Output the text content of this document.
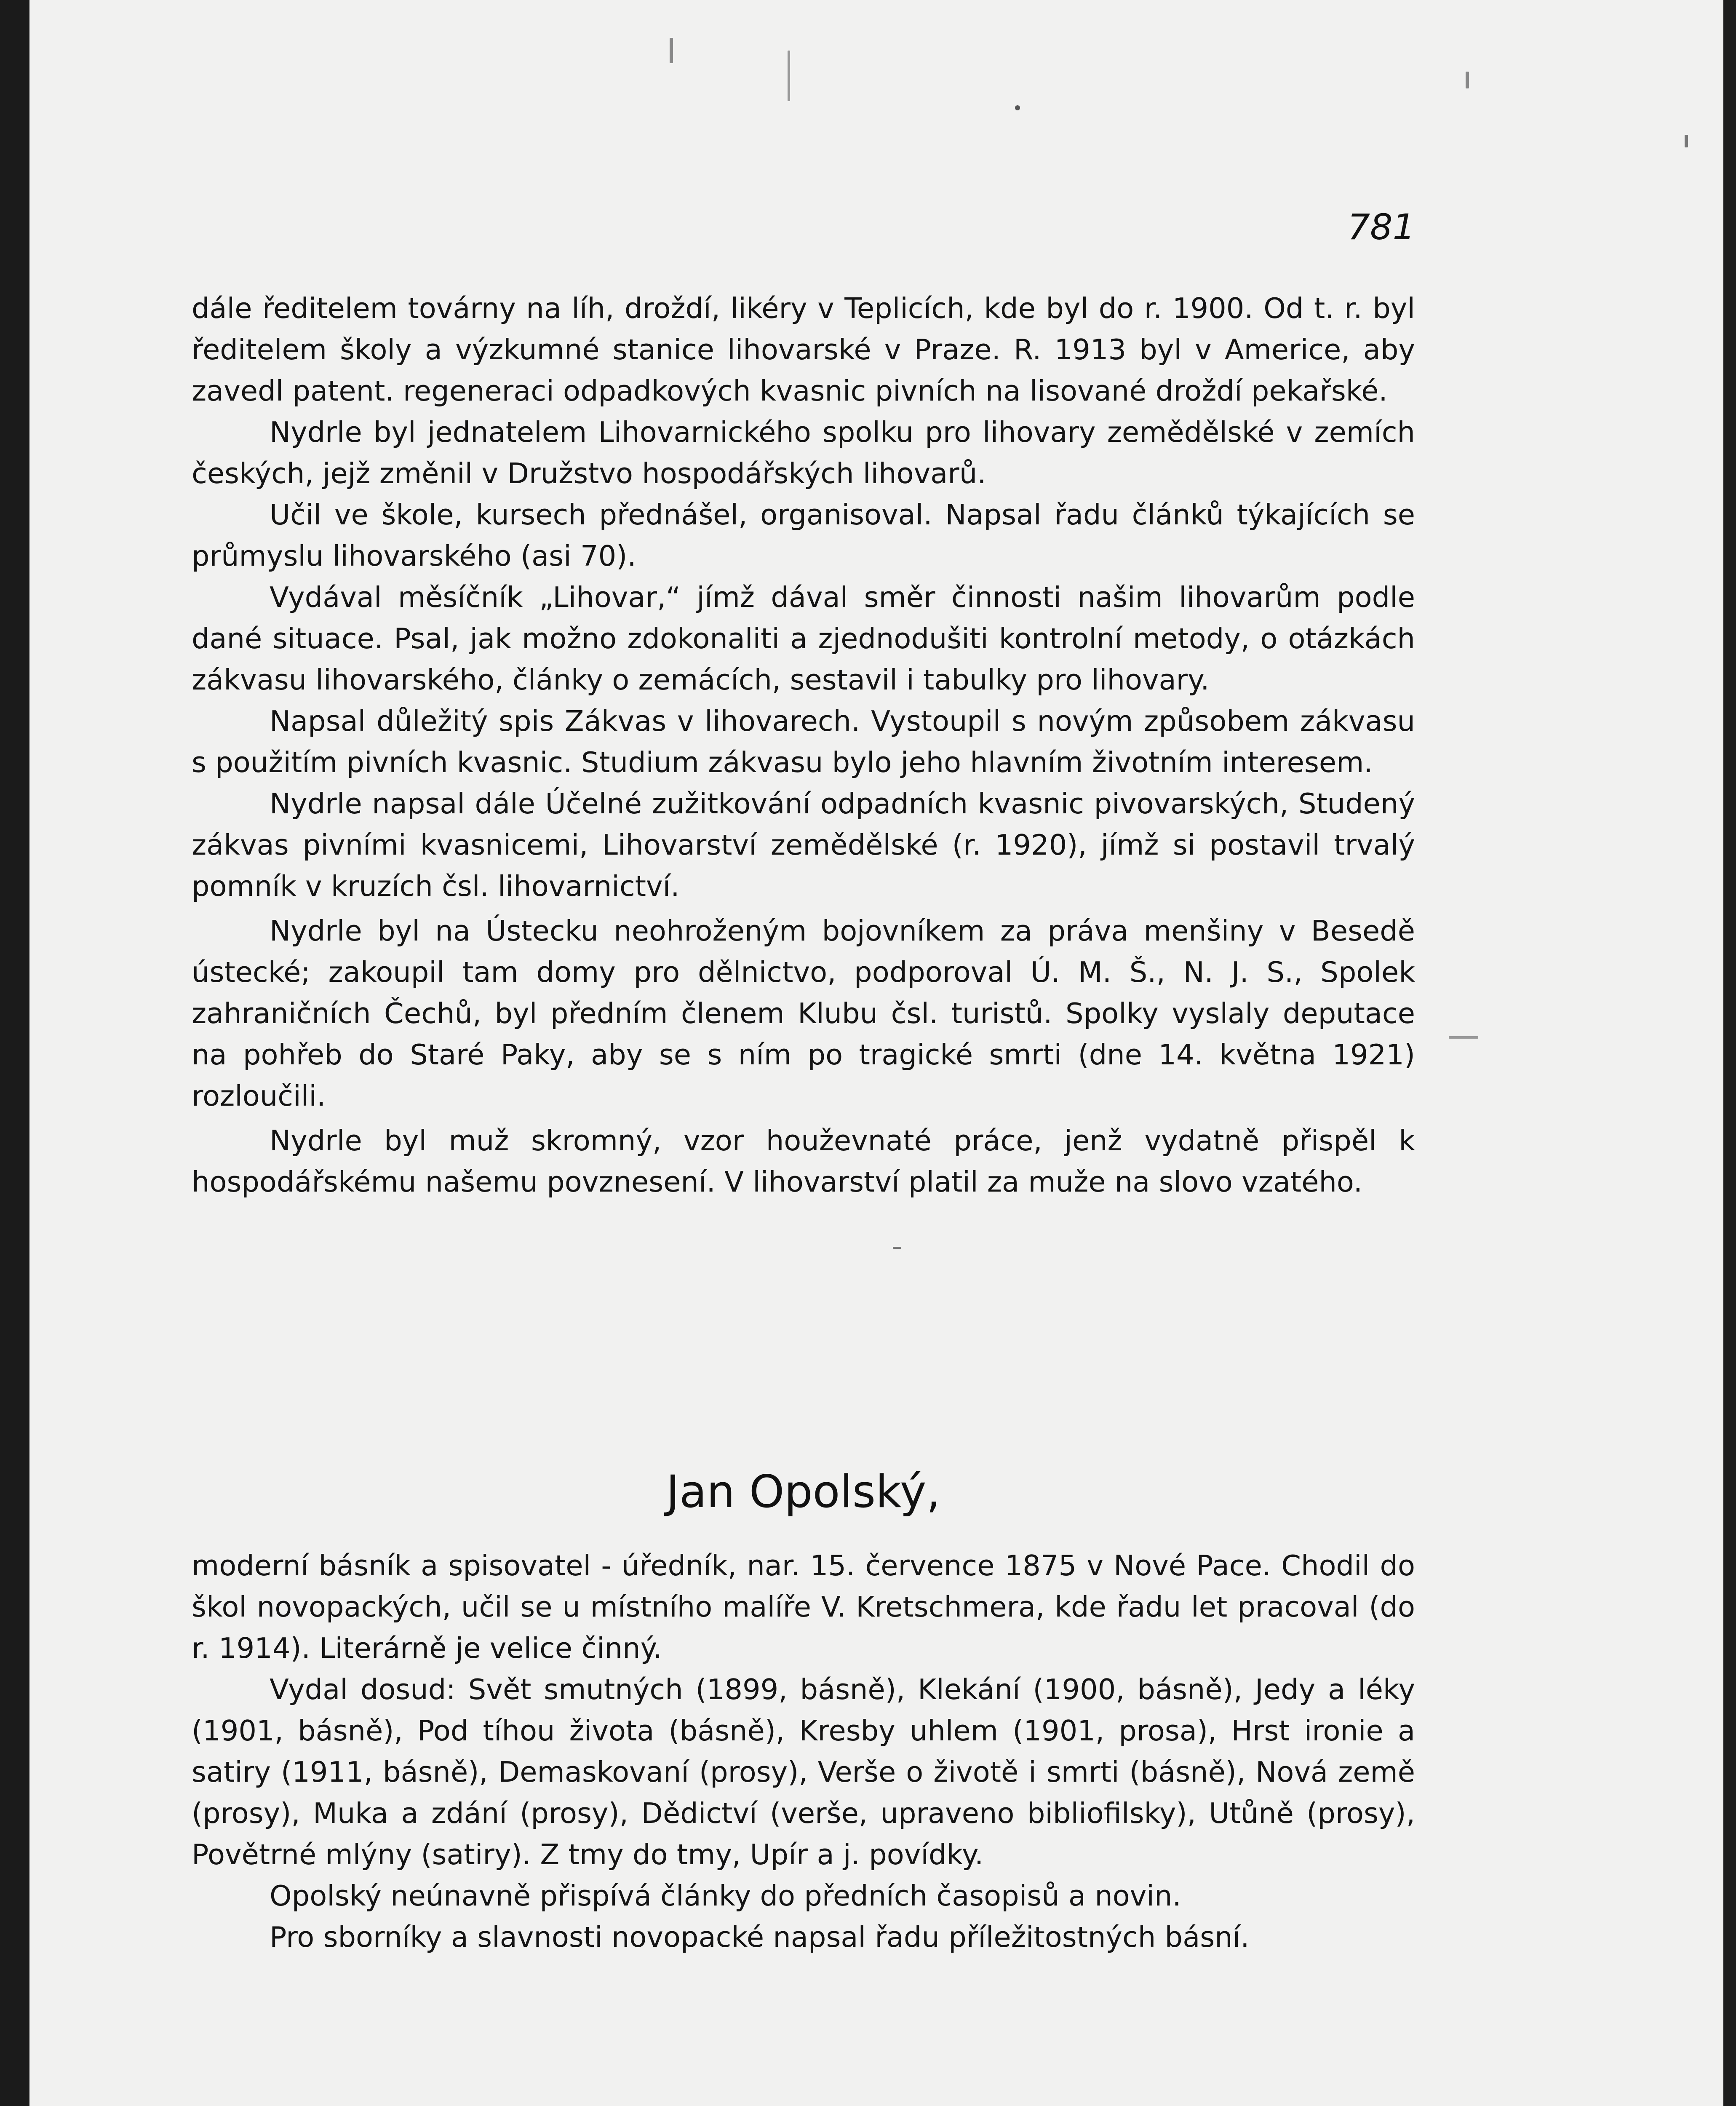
781

dále ředitelem továrny na líh, droždí, likéry v Teplicích, kde byl do r. 1900. Od t. r. byl ředitelem školy a výzkumné stanice lihovarské v Praze. R. 1913 byl v Americe, aby zavedl patent. regeneraci odpadkových kvasnic pivních na lisované droždí pekařské.

Nydrle byl jednatelem Lihovarnického spolku pro lihovary zemědělské v zemích českých, jejž změnil v Družstvo hospodářských lihovarů.

Učil ve škole, kursech přednášel, organisoval. Napsal řadu článků týkajících se průmyslu lihovarského (asi 70).

Vydával měsíčník „Lihovar,“ jímž dával směr činnosti našim lihovarům podle dané situace. Psal, jak možno zdokonaliti a zjednodušiti kontrolní metody, o otázkách zákvasu lihovarského, články o zemácích, sestavil i tabulky pro lihovary.

Napsal důležitý spis Zákvas v lihovarech. Vystoupil s novým způsobem zákvasu s použitím pivních kvasnic. Studium zákvasu bylo jeho hlavním životním interesem.

Nydrle napsal dále Účelné zužitkování odpadních kvasnic pivovarských, Studený zákvas pivními kvasnicemi, Lihovarství zemědělské (r. 1920), jímž si postavil trvalý pomník v kruzích čsl. lihovarnictví.

Nydrle byl na Ústecku neohroženým bojovníkem za práva menšiny v Besedě ústecké; zakoupil tam domy pro dělnictvo, podporoval Ú. M. Š., N. J. S., Spolek zahraničních Čechů, byl předním členem Klubu čsl. turistů. Spolky vyslaly deputace na pohřeb do Staré Paky, aby se s ním po tragické smrti (dne 14. května 1921) rozloučili.

Nydrle byl muž skromný, vzor houževnaté práce, jenž vydatně přispěl k hospodářskému našemu povznesení. V lihovarství platil za muže na slovo vzatého.

Jan Opolský,

moderní básník a spisovatel - úředník, nar. 15. července 1875 v Nové Pace. Chodil do škol novopackých, učil se u místního malíře V. Kretschmera, kde řadu let pracoval (do r. 1914). Literárně je velice činný.

Vydal dosud: Svět smutných (1899, básně), Klekání (1900, básně), Jedy a léky (1901, básně), Pod tíhou života (básně), Kresby uhlem (1901, prosa), Hrst ironie a satiry (1911, básně), Demaskovaní (prosy), Verše o životě i smrti (básně), Nová země (prosy), Muka a zdání (prosy), Dědictví (verše, upraveno bibliofilsky), Utůně (prosy), Povětrné mlýny (satiry). Z tmy do tmy, Upír a j. povídky.

Opolský neúnavně přispívá články do předních časopisů a novin.

Pro sborníky a slavnosti novopacké napsal řadu příležitostných básní.
